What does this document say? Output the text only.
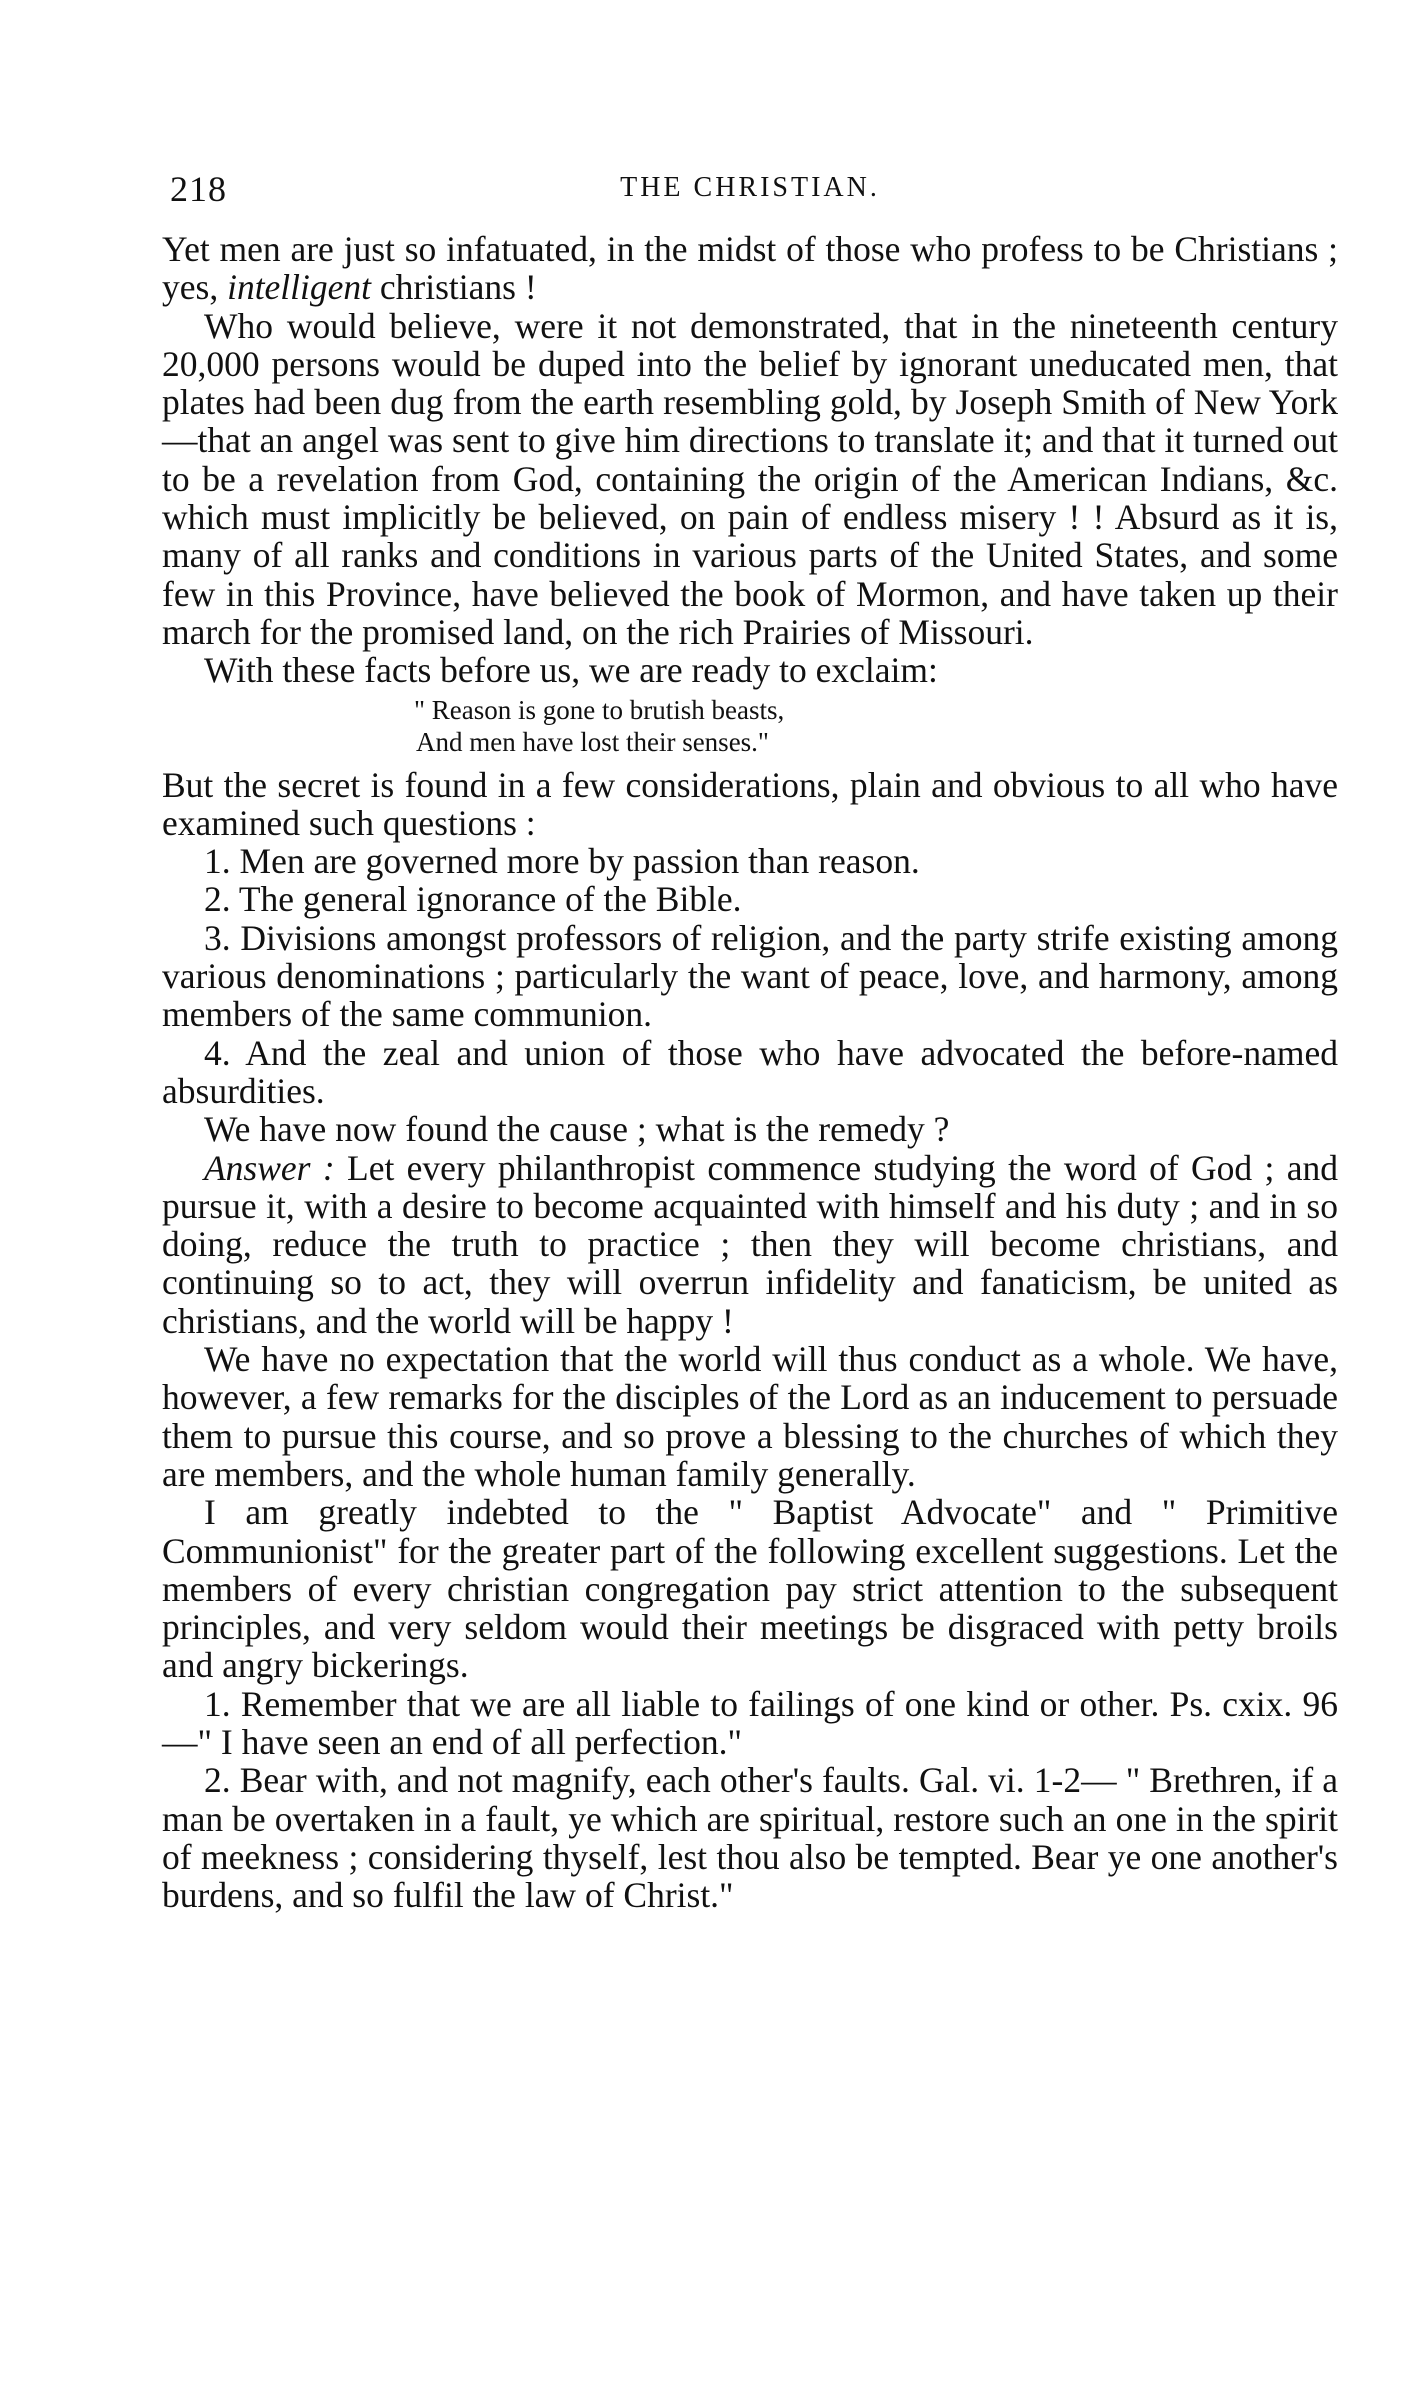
218	THE CHRISTIAN.

Yet men are just so infatuated, in the midst of those who profess to be Christians ; yes, intelligent christians !

Who would believe, were it not demonstrated, that in the nineteenth century 20,000 persons would be duped into the belief by ignorant uneducated men, that plates had been dug from the earth resembling gold, by Joseph Smith of New York—that an angel was sent to give him directions to translate it; and that it turned out to be a revelation from God, containing the origin of the American Indians, &c. which must implicitly be believed, on pain of endless misery ! ! Absurd as it is, many of all ranks and conditions in various parts of the United States, and some few in this Province, have believed the book of Mormon, and have taken up their march for the promised land, on the rich Prairies of Missouri.

With these facts before us, we are ready to exclaim:

" Reason is gone to brutish beasts,
And men have lost their senses."

But the secret is found in a few considerations, plain and obvious to all who have examined such questions :

1. Men are governed more by passion than reason.

2. The general ignorance of the Bible.

3. Divisions amongst professors of religion, and the party strife existing among various denominations ; particularly the want of peace, love, and harmony, among members of the same communion.

4. And the zeal and union of those who have advocated the before-named absurdities.

We have now found the cause ; what is the remedy ?

Answer : Let every philanthropist commence studying the word of God ; and pursue it, with a desire to become acquainted with himself and his duty ; and in so doing, reduce the truth to practice ; then they will become christians, and continuing so to act, they will overrun infidelity and fanaticism, be united as christians, and the world will be happy !

We have no expectation that the world will thus conduct as a whole. We have, however, a few remarks for the disciples of the Lord as an inducement to persuade them to pursue this course, and so prove a blessing to the churches of which they are members, and the whole human family generally.

I am greatly indebted to the " Baptist Advocate" and " Primitive Communionist" for the greater part of the following excellent suggestions. Let the members of every christian congregation pay strict attention to the subsequent principles, and very seldom would their meetings be disgraced with petty broils and angry bickerings.

1. Remember that we are all liable to failings of one kind or other. Ps. cxix. 96—" I have seen an end of all perfection."

2. Bear with, and not magnify, each other's faults. Gal. vi. 1-2— " Brethren, if a man be overtaken in a fault, ye which are spiritual, restore such an one in the spirit of meekness ; considering thyself, lest thou also be tempted. Bear ye one another's burdens, and so fulfil the law of Christ."
